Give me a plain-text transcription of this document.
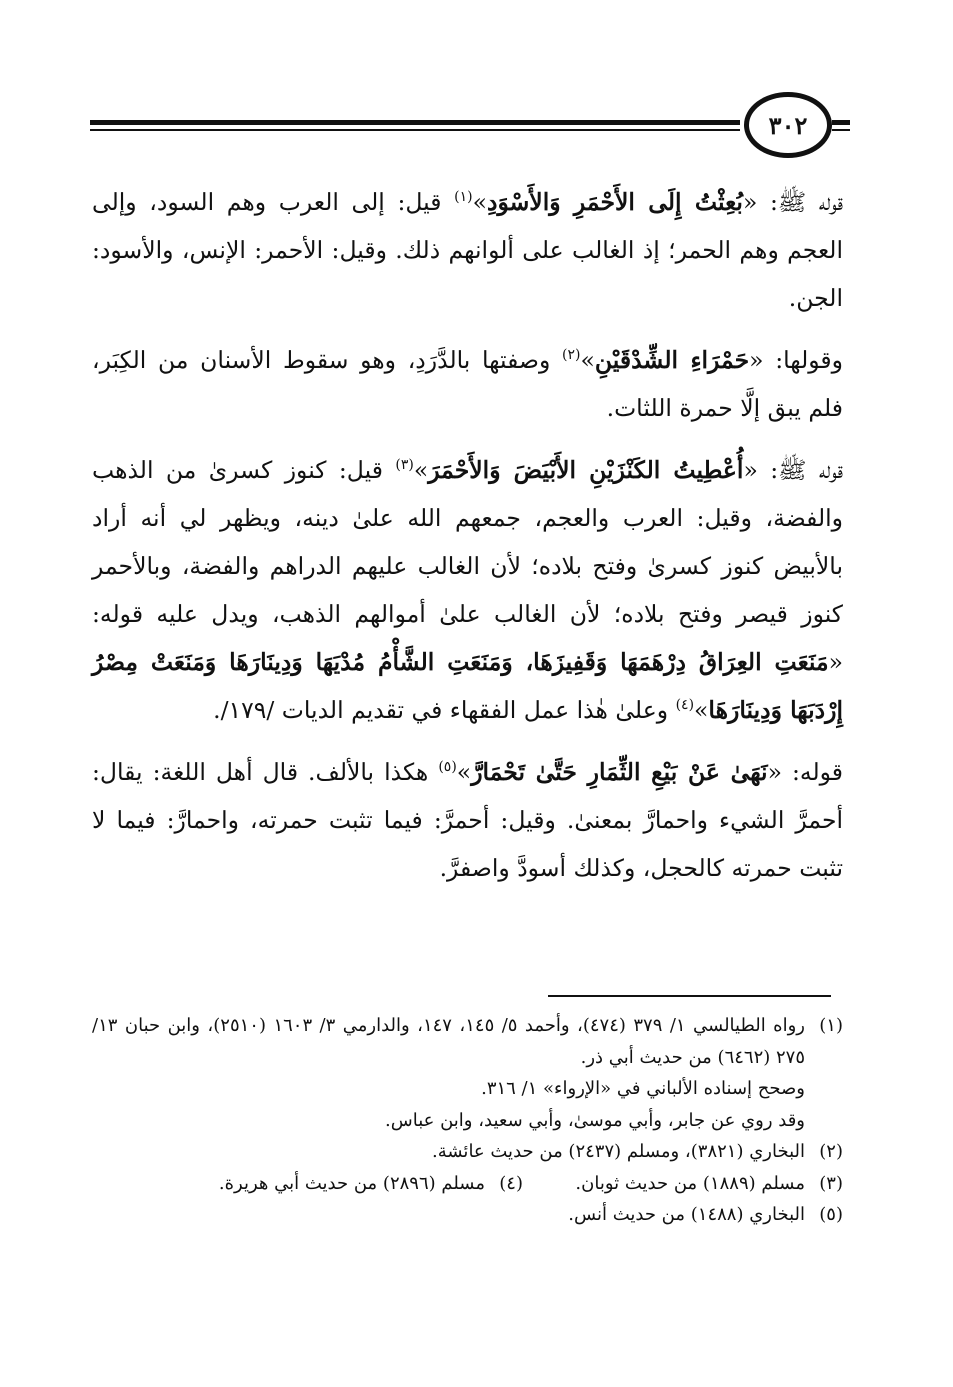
٣٠٢

قوله ﷺ: «بُعِثْتُ إِلَى الأَحْمَرِ وَالأَسْوَدِ»$^{(١)}$ قيل: إلى العرب وهم السود، وإلى العجم وهم الحمر؛ إذ الغالب على ألوانهم ذلك. وقيل: الأحمر: الإنس، والأسود: الجن.

وقولها: «حَمْرَاءِ الشِّدْقَيْنِ»$^{(٢)}$ وصفتها بالدَّرَدِ، وهو سقوط الأسنان من الكِبَر، فلم يبق إلَّا حمرة اللثات.

قوله ﷺ: «أُعْطِيتُ الكَنْزَيْنِ الأَبْيَضَ وَالأَحْمَرَ»$^{(٣)}$ قيل: كنوز كسرىٰ من الذهب والفضة، وقيل: العرب والعجم، جمعهم الله علىٰ دينه، ويظهر لي أنه أراد بالأبيض كنوز كسرىٰ وفتح بلاده؛ لأن الغالب عليهم الدراهم والفضة، وبالأحمر كنوز قيصر وفتح بلاده؛ لأن الغالب علىٰ أموالهم الذهب، ويدل عليه قوله: «مَنَعَتِ العِرَاقُ دِرْهَمَهَا وَقَفِيزَهَا، وَمَنَعَتِ الشَّأْمُ مُدْيَهَا وَدِينَارَهَا وَمَنَعَتْ مِصْرُ إِرْدَبَهَا وَدِينَارَهَا»$^{(٤)}$ وعلىٰ هٰذا عمل الفقهاء في تقديم الديات /١٧٩/.

قوله: «نَهَىٰ عَنْ بَيْعِ الثِّمَارِ حَتَّىٰ تَحْمَارَّ»$^{(٥)}$ هكذا بالألف. قال أهل اللغة: يقال: أحمرَّ الشيء واحمارَّ بمعنىٰ. وقيل: أحمرَّ: فيما تثبت حمرته، واحمارَّ: فيما لا تثبت حمرته كالحجل، وكذلك أسودَّ واصفرَّ.

(١)
رواه الطيالسي ١/ ٣٧٩ (٤٧٤)، وأحمد ٥/ ١٤٥، ١٤٧، والدارمي ٣/ ١٦٠٣ (٢٥١٠)، وابن حبان ١٣/ ٢٧٥ (٦٤٦٢) من حديث أبي ذر.
وصحح إسناده الألباني في «الإرواء» ١/ ٣١٦.
وقد روي عن جابر، وأبي موسىٰ، وأبي سعيد، وابن عباس.
(٢)
البخاري (٣٨٢١)، ومسلم (٢٤٣٧) من حديث عائشة.
(٣)
مسلم (١٨٨٩) من حديث ثوبان.
(٤)
مسلم (٢٨٩٦) من حديث أبي هريرة.
(٥)
البخاري (١٤٨٨) من حديث أنس.
